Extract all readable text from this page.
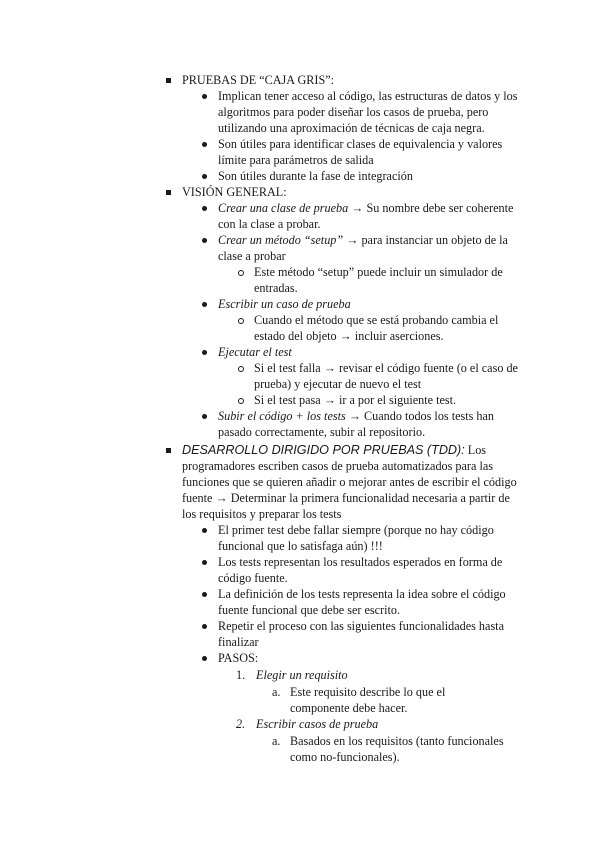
PRUEBAS DE “CAJA GRIS”:
Implican tener acceso al código, las estructuras de datos y los algoritmos para poder diseñar los casos de prueba, pero utilizando una aproximación de técnicas de caja negra.
Son útiles para identificar clases de equivalencia y valores límite para parámetros de salida
Son útiles durante la fase de integración
VISIÓN GENERAL:
Crear una clase de prueba → Su nombre debe ser coherente con la clase a probar.
Crear un método “setup” → para instanciar un objeto de la clase a probar
Este método “setup” puede incluir un simulador de entradas.
Escribir un caso de prueba
Cuando el método que se está probando cambia el estado del objeto → incluir aserciones.
Ejecutar el test
Si el test falla → revisar el código fuente (o el caso de prueba) y ejecutar de nuevo el test
Si el test pasa → ir a por el siguiente test.
Subir el código + los tests → Cuando todos los tests han pasado correctamente, subir al repositorio.
DESARROLLO DIRIGIDO POR PRUEBAS (TDD): Los programadores escriben casos de prueba automatizados para las funciones que se quieren añadir o mejorar antes de escribir el código fuente → Determinar la primera funcionalidad necesaria a partir de los requisitos y preparar los tests
El primer test debe fallar siempre (porque no hay código funcional que lo satisfaga aún) !!!
Los tests representan los resultados esperados en forma de código fuente.
La definición de los tests representa la idea sobre el código fuente funcional que debe ser escrito.
Repetir el proceso con las siguientes funcionalidades hasta finalizar
PASOS:
1. Elegir un requisito
a. Este requisito describe lo que el componente debe hacer.
2. Escribir casos de prueba
a. Basados en los requisitos (tanto funcionales como no-funcionales).
